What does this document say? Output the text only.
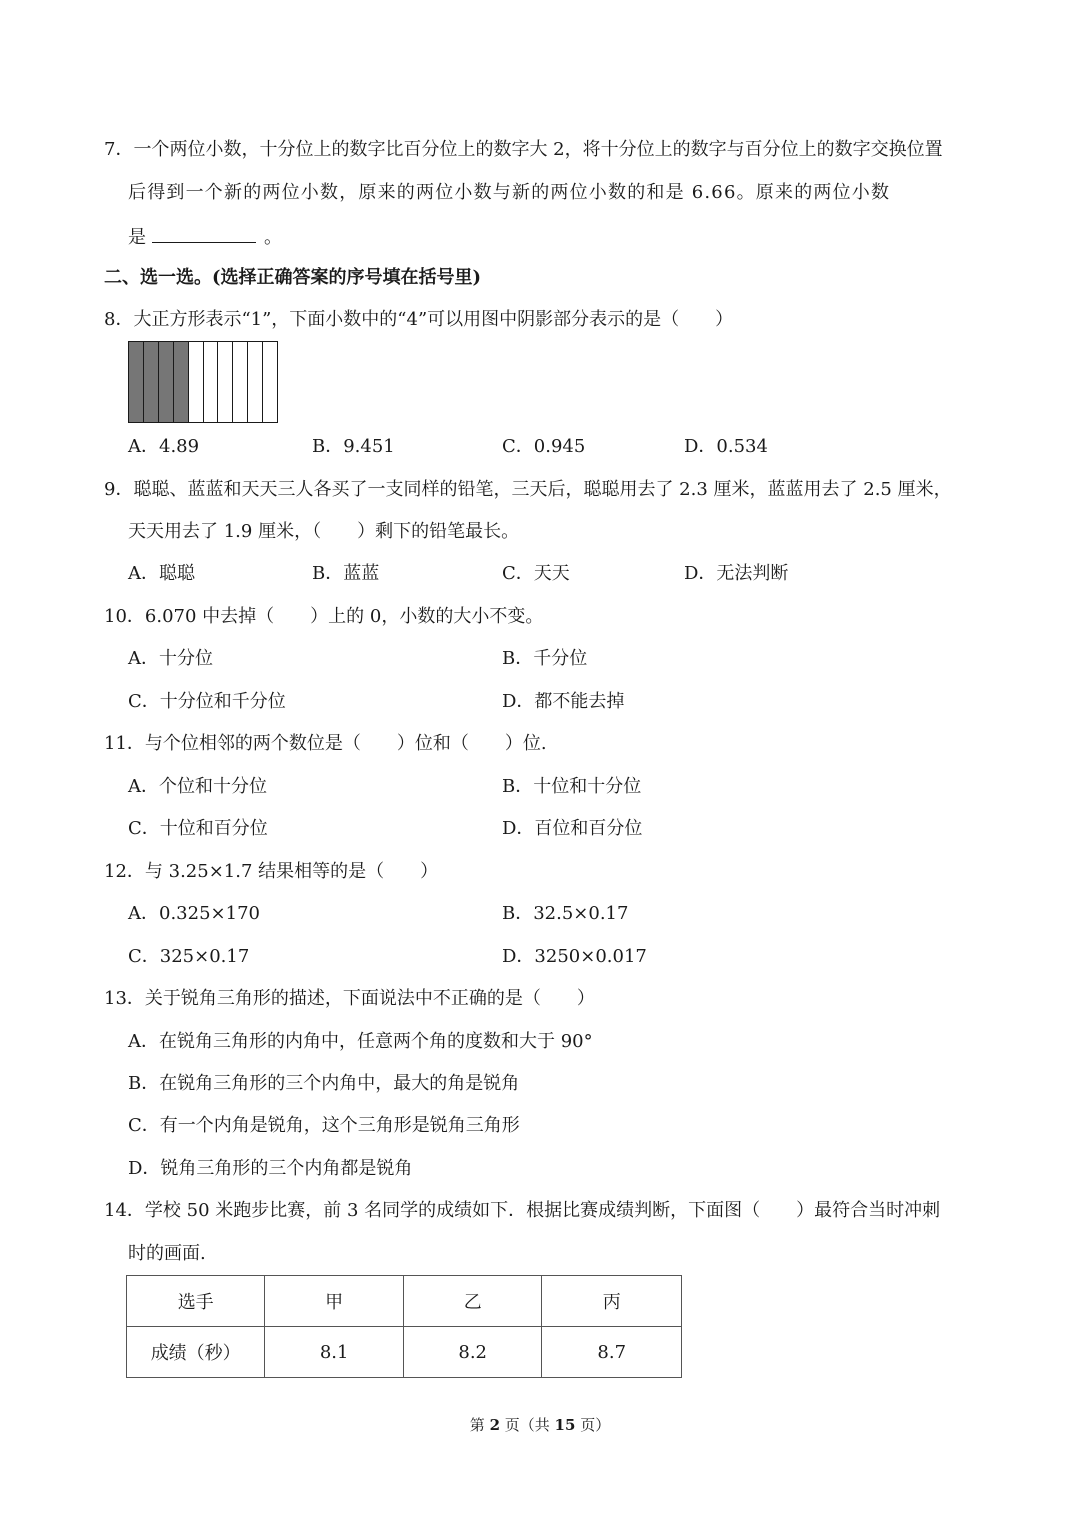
7．一个两位小数，十分位上的数字比百分位上的数字大 2，将十分位上的数字与百分位上的数字交换位置
后得到一个新的两位小数，原来的两位小数与新的两位小数的和是 6.66。原来的两位小数
是	。
二、选一选。(选择正确答案的序号填在括号里)
8．大正方形表示“1”，下面小数中的“4”可以用图中阴影部分表示的是（　　）
A．4.89	B．9.451	C．0.945	D．0.534
9．聪聪、蓝蓝和天天三人各买了一支同样的铅笔，三天后，聪聪用去了 2.3 厘米，蓝蓝用去了 2.5 厘米，
天天用去了 1.9 厘米，（　　）剩下的铅笔最长。
A．聪聪	B．蓝蓝	C．天天	D．无法判断
10．6.070 中去掉（　　）上的 0，小数的大小不变。
A．十分位	B．千分位
C．十分位和千分位	D．都不能去掉
11．与个位相邻的两个数位是（　　）位和（　　）位.
A．个位和十分位	B．十位和十分位
C．十位和百分位	D．百位和百分位
12．与 3.25×1.7 结果相等的是（　　）
A．0.325×170	B．32.5×0.17
C．325×0.17	D．3250×0.017
13．关于锐角三角形的描述，下面说法中不正确的是（　　）
A．在锐角三角形的内角中，任意两个角的度数和大于 90°
B．在锐角三角形的三个内角中，最大的角是锐角
C．有一个内角是锐角，这个三角形是锐角三角形
D．锐角三角形的三个内角都是锐角
14．学校 50 米跑步比赛，前 3 名同学的成绩如下．根据比赛成绩判断，下面图（　　）最符合当时冲刺
时的画面.
选手	甲	乙	丙
成绩（秒）	8.1	8.2	8.7
第 2 页（共 15 页）
